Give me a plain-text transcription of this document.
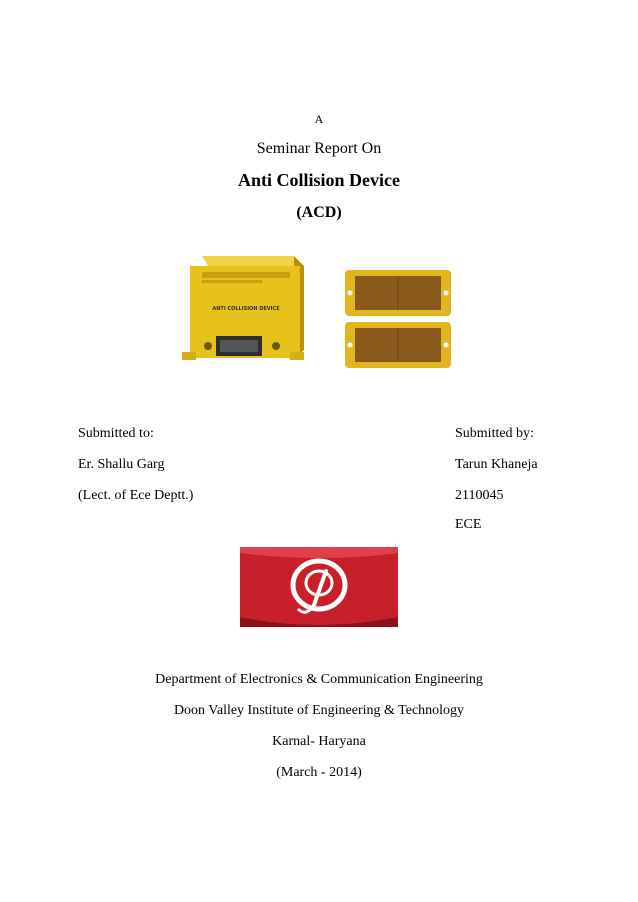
A
Seminar Report On
Anti Collision Device
(ACD)
ANTI COLLISION DEVICE
Submitted to:
Er. Shallu Garg
(Lect. of Ece Deptt.)
Submitted by:
Tarun Khaneja
2110045
ECE
Department of Electronics & Communication Engineering
Doon Valley Institute of Engineering & Technology
Karnal- Haryana
(March - 2014)
